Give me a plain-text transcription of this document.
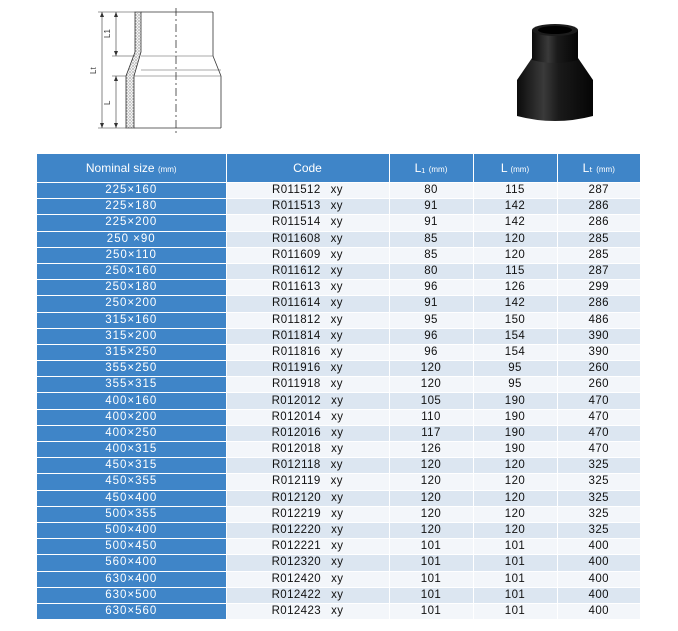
L1
Lt
L
Nominal size (mm)	Code	L₁ (mm)	L (mm)	Lₜ (mm)
225×160	R011512 xy	80	115	287
225×180	R011513 xy	91	142	286
225×200	R011514 xy	91	142	286
250 ×90	R011608 xy	85	120	285
250×110	R011609 xy	85	120	285
250×160	R011612 xy	80	115	287
250×180	R011613 xy	96	126	299
250×200	R011614 xy	91	142	286
315×160	R011812 xy	95	150	486
315×200	R011814 xy	96	154	390
315×250	R011816 xy	96	154	390
355×250	R011916 xy	120	95	260
355×315	R011918 xy	120	95	260
400×160	R012012 xy	105	190	470
400×200	R012014 xy	110	190	470
400×250	R012016 xy	117	190	470
400×315	R012018 xy	126	190	470
450×315	R012118 xy	120	120	325
450×355	R012119 xy	120	120	325
450×400	R012120 xy	120	120	325
500×355	R012219 xy	120	120	325
500×400	R012220 xy	120	120	325
500×450	R012221 xy	101	101	400
560×400	R012320 xy	101	101	400
630×400	R012420 xy	101	101	400
630×500	R012422 xy	101	101	400
630×560	R012423 xy	101	101	400
